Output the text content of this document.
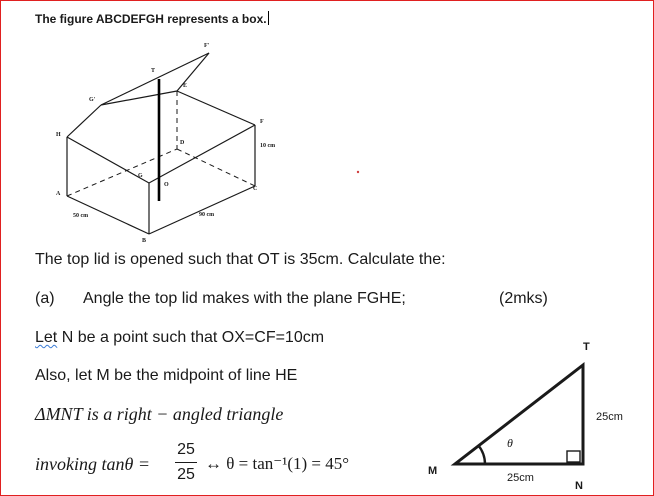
The figure ABCDEFGH represents a box.
F'
T
E
G'
F
H
D	10 cm
G
O
C
A
50 cm	90 cm
B
The top lid is opened such that OT is 35cm. Calculate the:
(a) Angle the top lid makes with the plane FGHE;	(2mks)
Let N be a point such that OX=CF=10cm
Also, let M be the midpoint of line HE
ΔMNT is a right − angled triangle
invoking tanθ =
25
25
↔ θ = tan⁻¹(1) = 45°
T
25cm
θ
M
25cm
N
